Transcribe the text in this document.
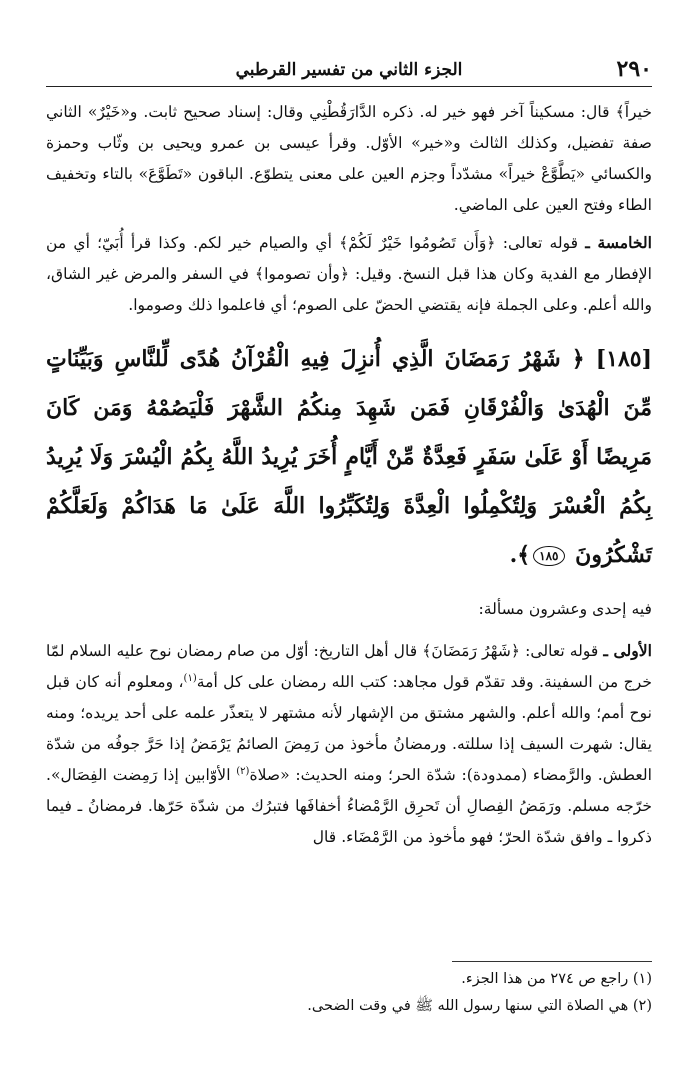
٢٩٠
الجزء الثاني من تفسير القرطبي

خيراً﴾ قال: مسكيناً آخر فهو خير له. ذكره الدَّارَقُطْنِي وقال: إسناد صحيح ثابت. و«خَيْرٌ» الثاني صفة تفضيل، وكذلك الثالث و«خير» الأوّل. وقرأ عيسى بن عمرو ويحيى بن وثّاب وحمزة والكسائي «يَطَّوَّعْ خيراً» مشدّداً وجزم العين على معنى يتطوّع. الباقون «تَطَوَّعَ» بالتاء وتخفيف الطاء وفتح العين على الماضي.

الخامسة ـ قوله تعالى: ﴿وَأَن تَصُومُوا خَيْرٌ لَكُمْ﴾ أي والصيام خير لكم. وكذا قرأ أُبَيّ؛ أي من الإفطار مع الفدية وكان هذا قبل النسخ. وقيل: ﴿وأن تصوموا﴾ في السفر والمرض غير الشاق، والله أعلم. وعلى الجملة فإنه يقتضي الحضّ على الصوم؛ أي فاعلموا ذلك وصوموا.

[١٨٥] ﴿ شَهْرُ رَمَضَانَ الَّذِي أُنزِلَ فِيهِ الْقُرْآنُ هُدًى لِّلنَّاسِ وَبَيِّنَاتٍ مِّنَ الْهُدَىٰ وَالْفُرْقَانِ فَمَن شَهِدَ مِنكُمُ الشَّهْرَ فَلْيَصُمْهُ وَمَن كَانَ مَرِيضًا أَوْ عَلَىٰ سَفَرٍ فَعِدَّةٌ مِّنْ أَيَّامٍ أُخَرَ يُرِيدُ اللَّهُ بِكُمُ الْيُسْرَ وَلَا يُرِيدُ بِكُمُ الْعُسْرَ وَلِتُكْمِلُوا الْعِدَّةَ وَلِتُكَبِّرُوا اللَّهَ عَلَىٰ مَا هَدَاكُمْ وَلَعَلَّكُمْ تَشْكُرُونَ ١٨٥﴾.

فيه إحدى وعشرون مسألة:

الأولى ـ قوله تعالى: ﴿شَهْرُ رَمَضَانَ﴾ قال أهل التاريخ: أوّل من صام رمضان نوح عليه السلام لمّا خرج من السفينة. وقد تقدّم قول مجاهد: كتب الله رمضان على كل أمة$^{(١)}$، ومعلوم أنه كان قبل نوح أمم؛ والله أعلم. والشهر مشتق من الإشهار لأنه مشتهر لا يتعذّر علمه على أحد يريده؛ ومنه يقال: شهرت السيف إذا سللته. ورمضانُ مأخوذ من رَمِضَ الصائمُ يَرْمَضُ إذا حَرَّ جوفُه من شدّة العطش. والرَّمضاء (ممدودة): شدّة الحر؛ ومنه الحديث: «صلاة$^{(٢)}$ الأوّابين إذا رَمِضت الفِصَال». خرّجه مسلم. ورَمَضُ الفِصالِ أن تَحرِق الرَّمْضاءُ أخفافَها فتبرُك من شدّة حَرّها. فرمضانُ ـ فيما ذكروا ـ وافق شدّة الحرّ؛ فهو مأخوذ من الرَّمْضَاء. قال

(١) راجع ص ٢٧٤ من هذا الجزء.

(٢) هي الصلاة التي سنها رسول الله ﷺ في وقت الضحى.
